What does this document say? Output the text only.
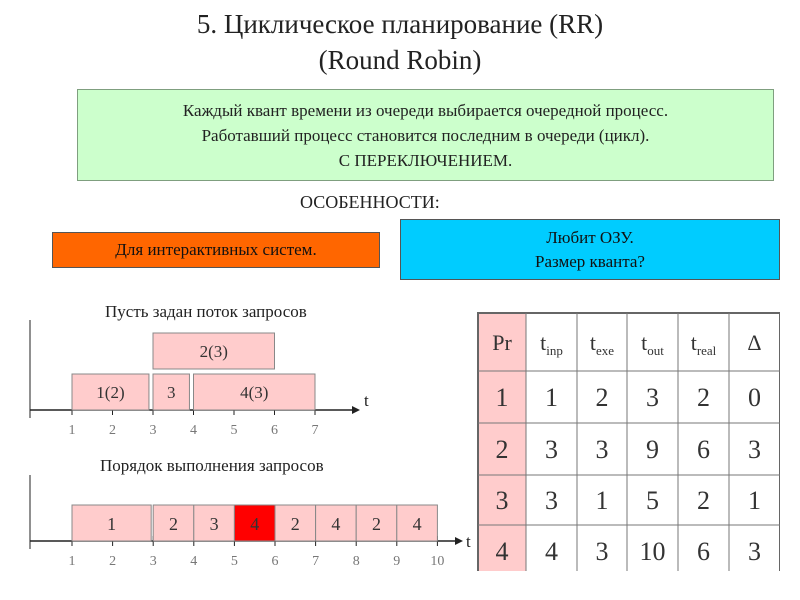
5. Циклическое планирование (RR)
(Round Robin)
Каждый квант времени из очереди выбирается очередной процесс.
Работавший процесс становится последним в очереди (цикл).
С ПЕРЕКЛЮЧЕНИЕМ.
ОСОБЕННОСТИ:
Для интерактивных систем.
Любит ОЗУ.
Размер кванта?
Пусть задан поток запросов
Порядок выполнения запросов
t
1 2 3 4 5 6 7
1(2) 3	4(3)
2(3)
t
1 2 3 4 5 6 7 8 9 10
1	2 3 4 2 4 2 4
Pr $t_{inp}$ $t_{exe}$ $t_{out}$ $t_{real}$ Δ
1 1 2 3 2 0
2 3 3 9 6 3
3 3 1 5 2 1
4 4 3 10 6 3
